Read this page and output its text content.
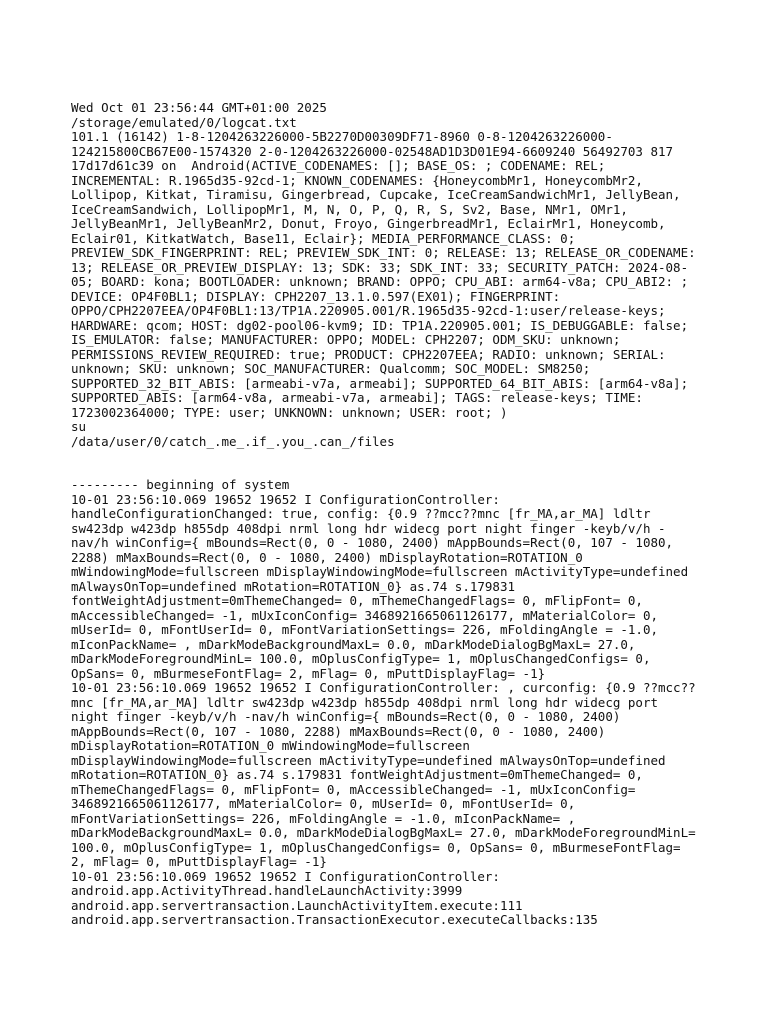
Wed Oct 01 23:56:44 GMT+01:00 2025
/storage/emulated/0/logcat.txt
101.1 (16142) 1-8-1204263226000-5B2270D00309DF71-8960 0-8-1204263226000-
124215800CB67E00-1574320 2-0-1204263226000-02548AD1D3D01E94-6609240 56492703 817
17d17d61c39 on  Android(ACTIVE_CODENAMES: []; BASE_OS: ; CODENAME: REL;
INCREMENTAL: R.1965d35-92cd-1; KNOWN_CODENAMES: {HoneycombMr1, HoneycombMr2,
Lollipop, Kitkat, Tiramisu, Gingerbread, Cupcake, IceCreamSandwichMr1, JellyBean,
IceCreamSandwich, LollipopMr1, M, N, O, P, Q, R, S, Sv2, Base, NMr1, OMr1,
JellyBeanMr1, JellyBeanMr2, Donut, Froyo, GingerbreadMr1, EclairMr1, Honeycomb,
Eclair01, KitkatWatch, Base11, Eclair}; MEDIA_PERFORMANCE_CLASS: 0;
PREVIEW_SDK_FINGERPRINT: REL; PREVIEW_SDK_INT: 0; RELEASE: 13; RELEASE_OR_CODENAME:
13; RELEASE_OR_PREVIEW_DISPLAY: 13; SDK: 33; SDK_INT: 33; SECURITY_PATCH: 2024-08-
05; BOARD: kona; BOOTLOADER: unknown; BRAND: OPPO; CPU_ABI: arm64-v8a; CPU_ABI2: ;
DEVICE: OP4F0BL1; DISPLAY: CPH2207_13.1.0.597(EX01); FINGERPRINT:
OPPO/CPH2207EEA/OP4F0BL1:13/TP1A.220905.001/R.1965d35-92cd-1:user/release-keys;
HARDWARE: qcom; HOST: dg02-pool06-kvm9; ID: TP1A.220905.001; IS_DEBUGGABLE: false;
IS_EMULATOR: false; MANUFACTURER: OPPO; MODEL: CPH2207; ODM_SKU: unknown;
PERMISSIONS_REVIEW_REQUIRED: true; PRODUCT: CPH2207EEA; RADIO: unknown; SERIAL:
unknown; SKU: unknown; SOC_MANUFACTURER: Qualcomm; SOC_MODEL: SM8250;
SUPPORTED_32_BIT_ABIS: [armeabi-v7a, armeabi]; SUPPORTED_64_BIT_ABIS: [arm64-v8a];
SUPPORTED_ABIS: [arm64-v8a, armeabi-v7a, armeabi]; TAGS: release-keys; TIME:
1723002364000; TYPE: user; UNKNOWN: unknown; USER: root; )
su
/data/user/0/catch_.me_.if_.you_.can_/files
--------- beginning of system
10-01 23:56:10.069 19652 19652 I ConfigurationController:
handleConfigurationChanged: true, config: {0.9 ??mcc??mnc [fr_MA,ar_MA] ldltr
sw423dp w423dp h855dp 408dpi nrml long hdr widecg port night finger -keyb/v/h -
nav/h winConfig={ mBounds=Rect(0, 0 - 1080, 2400) mAppBounds=Rect(0, 107 - 1080,
2288) mMaxBounds=Rect(0, 0 - 1080, 2400) mDisplayRotation=ROTATION_0
mWindowingMode=fullscreen mDisplayWindowingMode=fullscreen mActivityType=undefined
mAlwaysOnTop=undefined mRotation=ROTATION_0} as.74 s.179831
fontWeightAdjustment=0mThemeChanged= 0, mThemeChangedFlags= 0, mFlipFont= 0,
mAccessibleChanged= -1, mUxIconConfig= 3468921665061126177, mMaterialColor= 0,
mUserId= 0, mFontUserId= 0, mFontVariationSettings= 226, mFoldingAngle = -1.0,
mIconPackName= , mDarkModeBackgroundMaxL= 0.0, mDarkModeDialogBgMaxL= 27.0,
mDarkModeForegroundMinL= 100.0, mOplusConfigType= 1, mOplusChangedConfigs= 0,
OpSans= 0, mBurmeseFontFlag= 2, mFlag= 0, mPuttDisplayFlag= -1}
10-01 23:56:10.069 19652 19652 I ConfigurationController: , curconfig: {0.9 ??mcc??
mnc [fr_MA,ar_MA] ldltr sw423dp w423dp h855dp 408dpi nrml long hdr widecg port
night finger -keyb/v/h -nav/h winConfig={ mBounds=Rect(0, 0 - 1080, 2400)
mAppBounds=Rect(0, 107 - 1080, 2288) mMaxBounds=Rect(0, 0 - 1080, 2400)
mDisplayRotation=ROTATION_0 mWindowingMode=fullscreen
mDisplayWindowingMode=fullscreen mActivityType=undefined mAlwaysOnTop=undefined
mRotation=ROTATION_0} as.74 s.179831 fontWeightAdjustment=0mThemeChanged= 0,
mThemeChangedFlags= 0, mFlipFont= 0, mAccessibleChanged= -1, mUxIconConfig=
3468921665061126177, mMaterialColor= 0, mUserId= 0, mFontUserId= 0,
mFontVariationSettings= 226, mFoldingAngle = -1.0, mIconPackName= ,
mDarkModeBackgroundMaxL= 0.0, mDarkModeDialogBgMaxL= 27.0, mDarkModeForegroundMinL=
100.0, mOplusConfigType= 1, mOplusChangedConfigs= 0, OpSans= 0, mBurmeseFontFlag=
2, mFlag= 0, mPuttDisplayFlag= -1}
10-01 23:56:10.069 19652 19652 I ConfigurationController:
android.app.ActivityThread.handleLaunchActivity:3999
android.app.servertransaction.LaunchActivityItem.execute:111
android.app.servertransaction.TransactionExecutor.executeCallbacks:135
